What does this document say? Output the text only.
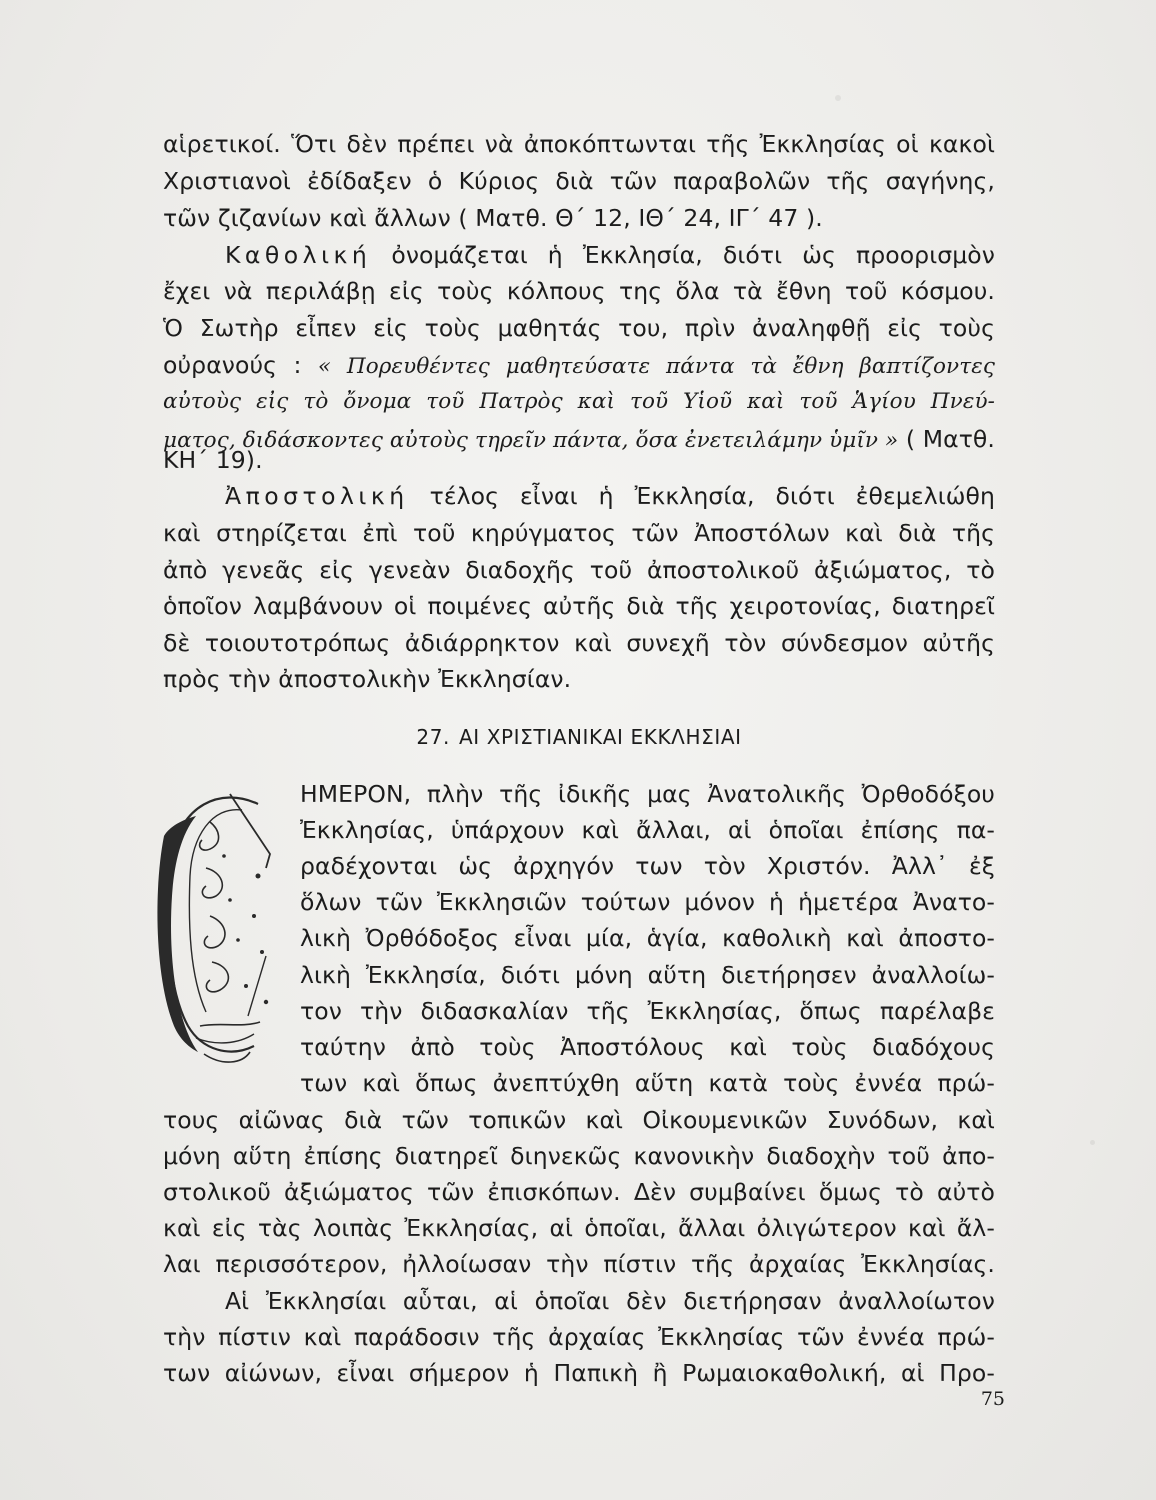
αἱρετικοί. Ὅτι δὲν πρέπει νὰ ἀποκόπτωνται τῆς Ἐκκλησίας οἱ κακοὶ
Χριστιανοὶ ἐδίδαξεν ὁ Κύριος διὰ τῶν παραβολῶν τῆς σαγήνης,
τῶν ζιζανίων καὶ ἄλλων ( Ματθ. Θ΄ 12, ΙΘ΄ 24, ΙΓ΄ 47 ).
Καθολική ὀνομάζεται ἡ Ἐκκλησία, διότι ὡς προορισμὸν
ἔχει νὰ περιλάβῃ εἰς τοὺς κόλπους της ὅλα τὰ ἔθνη τοῦ κόσμου.
Ὁ Σωτὴρ εἶπεν εἰς τοὺς μαθητάς του, πρὶν ἀναληφθῇ εἰς τοὺς
οὐρανούς : « Πορευθέντες μαθητεύσατε πάντα τὰ ἔθνη βαπτίζοντες
αὐτοὺς εἰς τὸ ὄνομα τοῦ Πατρὸς καὶ τοῦ Υἱοῦ καὶ τοῦ Ἁγίου Πνεύ-
ματος, διδάσκοντες αὐτοὺς τηρεῖν πάντα, ὅσα ἐνετειλάμην ὑμῖν » ( Ματθ.
ΚΗ΄ 19).
Ἀποστολική τέλος εἶναι ἡ Ἐκκλησία, διότι ἐθεμελιώθη
καὶ στηρίζεται ἐπὶ τοῦ κηρύγματος τῶν Ἀποστόλων καὶ διὰ τῆς
ἀπὸ γενεᾶς εἰς γενεὰν διαδοχῆς τοῦ ἀποστολικοῦ ἀξιώματος, τὸ
ὁποῖον λαμβάνουν οἱ ποιμένες αὐτῆς διὰ τῆς χειροτονίας, διατηρεῖ
δὲ τοιουτοτρόπως ἀδιάρρηκτον καὶ συνεχῆ τὸν σύνδεσμον αὐτῆς
πρὸς τὴν ἀποστολικὴν Ἐκκλησίαν.
27. ΑΙ ΧΡΙΣΤΙΑΝΙΚΑΙ ΕΚΚΛΗΣΙΑΙ
ΗΜΕΡΟΝ, πλὴν τῆς ἰδικῆς μας Ἀνατολικῆς Ὀρθοδόξου
Ἐκκλησίας, ὑπάρχουν καὶ ἄλλαι, αἱ ὁποῖαι ἐπίσης πα-
ραδέχονται ὡς ἀρχηγόν των τὸν Χριστόν. Ἀλλ᾽ ἐξ
ὅλων τῶν Ἐκκλησιῶν τούτων μόνον ἡ ἡμετέρα Ἀνατο-
λικὴ Ὀρθόδοξος εἶναι μία, ἁγία, καθολικὴ καὶ ἀποστο-
λικὴ Ἐκκλησία, διότι μόνη αὕτη διετήρησεν ἀναλλοίω-
τον τὴν διδασκαλίαν τῆς Ἐκκλησίας, ὅπως παρέλαβε
ταύτην ἀπὸ τοὺς Ἀποστόλους καὶ τοὺς διαδόχους
των καὶ ὅπως ἀνεπτύχθη αὕτη κατὰ τοὺς ἐννέα πρώ-
τους αἰῶνας διὰ τῶν τοπικῶν καὶ Οἰκουμενικῶν Συνόδων, καὶ
μόνη αὕτη ἐπίσης διατηρεῖ διηνεκῶς κανονικὴν διαδοχὴν τοῦ ἀπο-
στολικοῦ ἀξιώματος τῶν ἐπισκόπων. Δὲν συμβαίνει ὅμως τὸ αὐτὸ
καὶ εἰς τὰς λοιπὰς Ἐκκλησίας, αἱ ὁποῖαι, ἄλλαι ὀλιγώτερον καὶ ἄλ-
λαι περισσότερον, ἠλλοίωσαν τὴν πίστιν τῆς ἀρχαίας Ἐκκλησίας.
Αἱ Ἐκκλησίαι αὗται, αἱ ὁποῖαι δὲν διετήρησαν ἀναλλοίωτον
τὴν πίστιν καὶ παράδοσιν τῆς ἀρχαίας Ἐκκλησίας τῶν ἐννέα πρώ-
των αἰώνων, εἶναι σήμερον ἡ Παπικὴ ἢ Ρωμαιοκαθολική, αἱ Προ-
75
